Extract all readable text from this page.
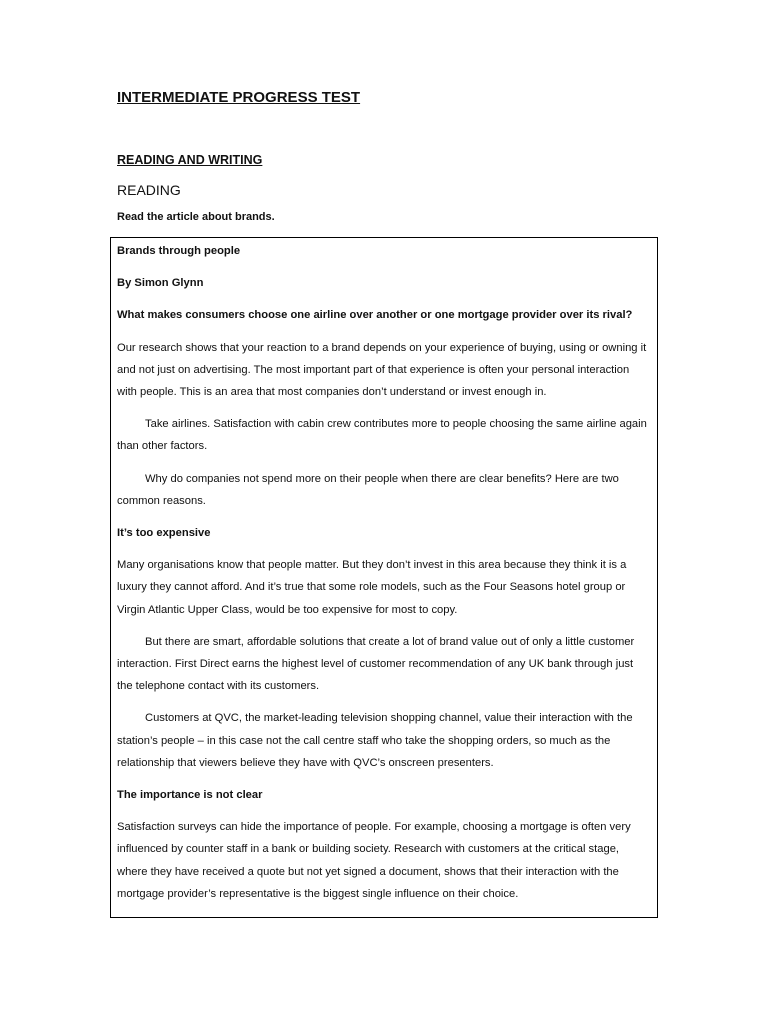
INTERMEDIATE PROGRESS TEST
READING AND WRITING
READING
Read the article about brands.

Brands through people

By Simon Glynn

What makes consumers choose one airline over another or one mortgage provider over its rival?

Our research shows that your reaction to a brand depends on your experience of buying, using or owning it and not just on advertising. The most important part of that experience is often your personal interaction with people. This is an area that most companies don’t understand or invest enough in.

Take airlines. Satisfaction with cabin crew contributes more to people choosing the same airline again than other factors.

Why do companies not spend more on their people when there are clear benefits? Here are two common reasons.

It’s too expensive

Many organisations know that people matter. But they don’t invest in this area because they think it is a luxury they cannot afford. And it’s true that some role models, such as the Four Seasons hotel group or Virgin Atlantic Upper Class, would be too expensive for most to copy.

But there are smart, affordable solutions that create a lot of brand value out of only a little customer interaction. First Direct earns the highest level of customer recommendation of any UK bank through just the telephone contact with its customers.

Customers at QVC, the market-leading television shopping channel, value their interaction with the station’s people – in this case not the call centre staff who take the shopping orders, so much as the relationship that viewers believe they have with QVC’s onscreen presenters.

The importance is not clear

Satisfaction surveys can hide the importance of people. For example, choosing a mortgage is often very influenced by counter staff in a bank or building society. Research with customers at the critical stage, where they have received a quote but not yet signed a document, shows that their interaction with the mortgage provider’s representative is the biggest single influence on their choice.
